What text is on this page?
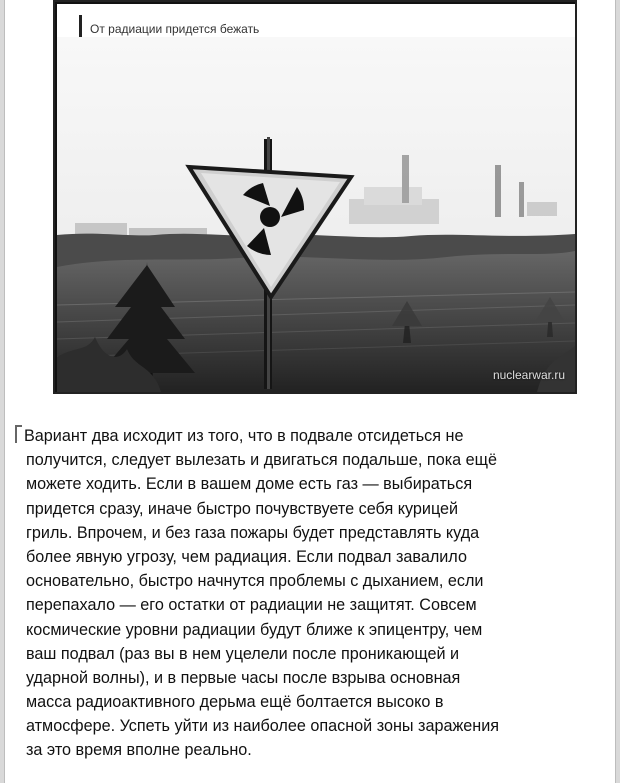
От радиации придется бежать
nuclearwar.ru
Вариант два исходит из того, что в подвале отсидеться не
получится, следует вылезать и двигаться подальше, пока ещё
можете ходить. Если в вашем доме есть газ — выбираться
придется сразу, иначе быстро почувствуете себя курицей
гриль. Впрочем, и без газа пожары будет представлять куда
более явную угрозу, чем радиация. Если подвал завалило
основательно, быстро начнутся проблемы с дыханием, если
перепахало — его остатки от радиации не защитят. Совсем
космические уровни радиации будут ближе к эпицентру, чем
ваш подвал (раз вы в нем уцелели после проникающей и
ударной волны), и в первые часы после взрыва основная
масса радиоактивного дерьма ещё болтается высоко в
атмосфере. Успеть уйти из наиболее опасной зоны заражения
за это время вполне реально.
